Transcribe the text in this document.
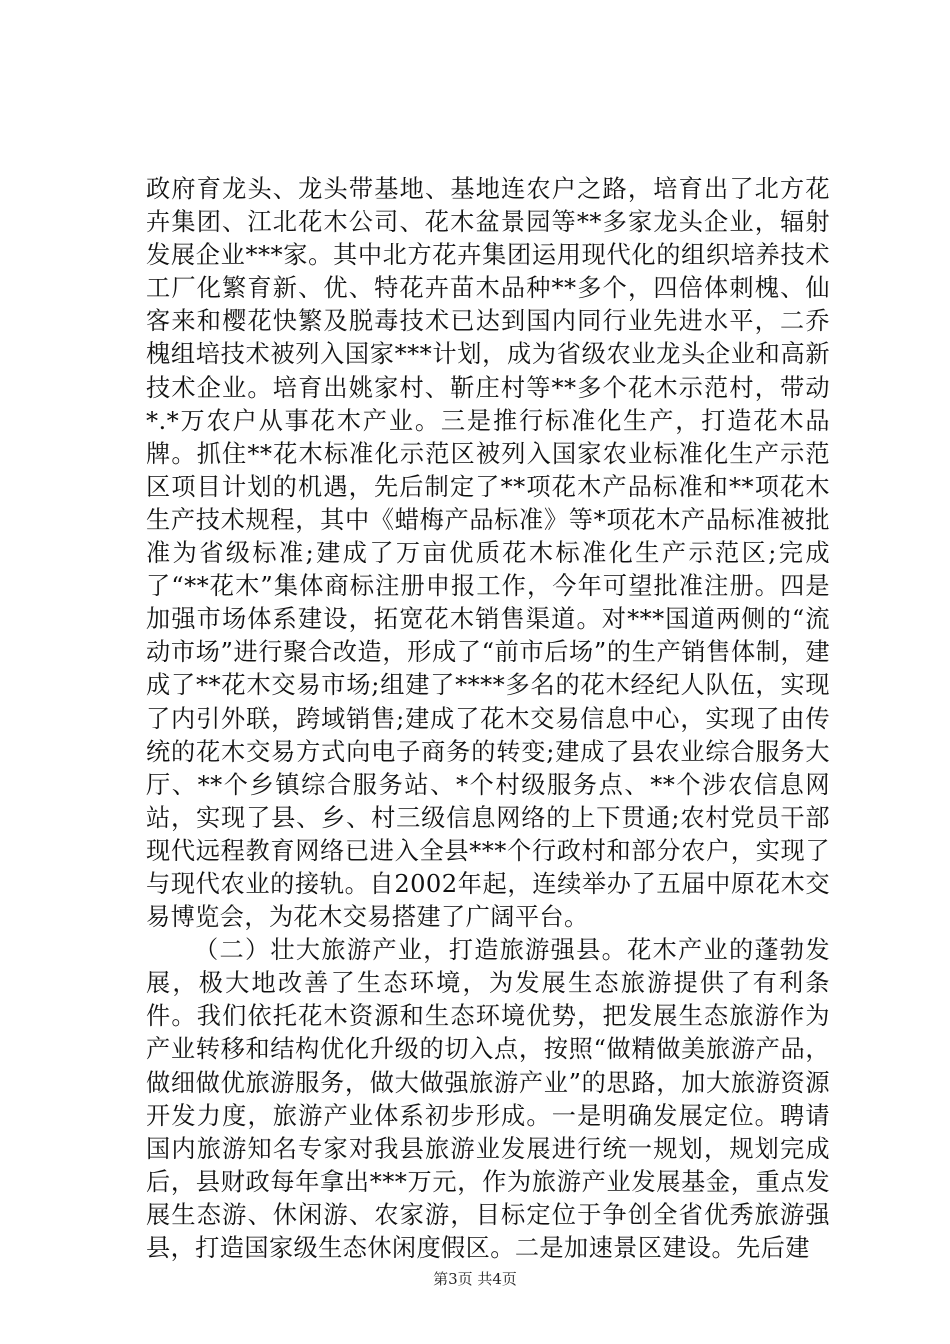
政府育龙头、龙头带基地、基地连农户之路，培育出了北方花卉集团、江北花木公司、花木盆景园等**多家龙头企业，辐射发展企业***家。其中北方花卉集团运用现代化的组织培养技术工厂化繁育新、优、特花卉苗木品种**多个，四倍体刺槐、仙客来和樱花快繁及脱毒技术已达到国内同行业先进水平，二乔槐组培技术被列入国家***计划，成为省级农业龙头企业和高新技术企业。培育出姚家村、靳庄村等**多个花木示范村，带动*.*万农户从事花木产业。三是推行标准化生产，打造花木品牌。抓住**花木标准化示范区被列入国家农业标准化生产示范区项目计划的机遇，先后制定了**项花木产品标准和**项花木生产技术规程，其中《蜡梅产品标准》等*项花木产品标准被批准为省级标准;建成了万亩优质花木标准化生产示范区;完成了“**花木”集体商标注册申报工作，今年可望批准注册。四是加强市场体系建设，拓宽花木销售渠道。对***国道两侧的“流动市场”进行聚合改造，形成了“前市后场”的生产销售体制，建成了**花木交易市场;组建了****多名的花木经纪人队伍，实现了内引外联，跨域销售;建成了花木交易信息中心，实现了由传统的花木交易方式向电子商务的转变;建成了县农业综合服务大厅、**个乡镇综合服务站、*个村级服务点、**个涉农信息网站，实现了县、乡、村三级信息网络的上下贯通;农村党员干部现代远程教育网络已进入全县***个行政村和部分农户，实现了与现代农业的接轨。自2002年起，连续举办了五届中原花木交易博览会，为花木交易搭建了广阔平台。

（二）壮大旅游产业，打造旅游强县。花木产业的蓬勃发展，极大地改善了生态环境，为发展生态旅游提供了有利条件。我们依托花木资源和生态环境优势，把发展生态旅游作为产业转移和结构优化升级的切入点，按照“做精做美旅游产品，做细做优旅游服务，做大做强旅游产业”的思路，加大旅游资源开发力度，旅游产业体系初步形成。一是明确发展定位。聘请国内旅游知名专家对我县旅游业发展进行统一规划，规划完成后，县财政每年拿出***万元，作为旅游产业发展基金，重点发展生态游、休闲游、农家游，目标定位于争创全省优秀旅游强县，打造国家级生态休闲度假区。二是加速景区建设。先后建

第3页 共4页
